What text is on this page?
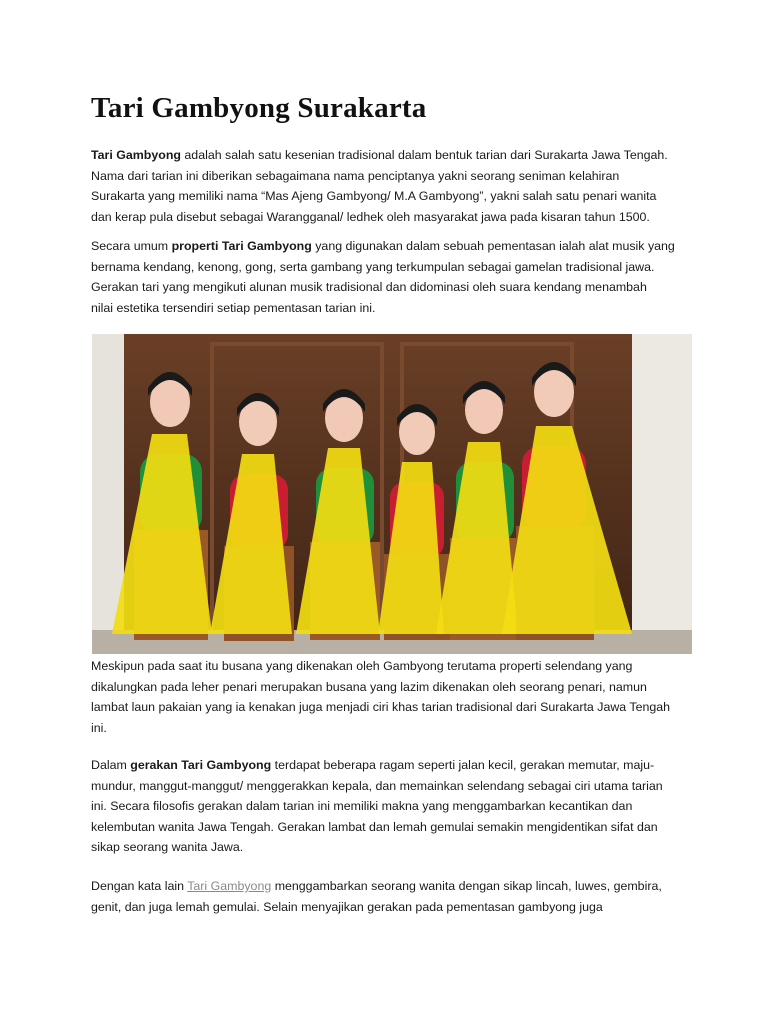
Tari Gambyong Surakarta

Tari Gambyong adalah salah satu kesenian tradisional dalam bentuk tarian dari Surakarta Jawa Tengah.
Nama dari tarian ini diberikan sebagaimana nama penciptanya yakni seorang seniman kelahiran
Surakarta yang memiliki nama “Mas Ajeng Gambyong/ M.A Gambyong”, yakni salah satu penari wanita
dan kerap pula disebut sebagai Warangganal/ ledhek oleh masyarakat jawa pada kisaran tahun 1500.

Secara umum properti Tari Gambyong yang digunakan dalam sebuah pementasan ialah alat musik yang
bernama kendang, kenong, gong, serta gambang yang terkumpulan sebagai gamelan tradisional jawa.
Gerakan tari yang mengikuti alunan musik tradisional dan didominasi oleh suara kendang menambah
nilai estetika tersendiri setiap pementasan tarian ini.

Meskipun pada saat itu busana yang dikenakan oleh Gambyong terutama properti selendang yang
dikalungkan pada leher penari merupakan busana yang lazim dikenakan oleh seorang penari, namun
lambat laun pakaian yang ia kenakan juga menjadi ciri khas tarian tradisional dari Surakarta Jawa Tengah
ini.

Dalam gerakan Tari Gambyong terdapat beberapa ragam seperti jalan kecil, gerakan memutar, maju-
mundur, manggut-manggut/ menggerakkan kepala, dan memainkan selendang sebagai ciri utama tarian
ini. Secara filosofis gerakan dalam tarian ini memiliki makna yang menggambarkan kecantikan dan
kelembutan wanita Jawa Tengah. Gerakan lambat dan lemah gemulai semakin mengidentikan sifat dan
sikap seorang wanita Jawa.

Dengan kata lain Tari Gambyong menggambarkan seorang wanita dengan sikap lincah, luwes, gembira,
genit, dan juga lemah gemulai. Selain menyajikan gerakan pada pementasan gambyong juga
